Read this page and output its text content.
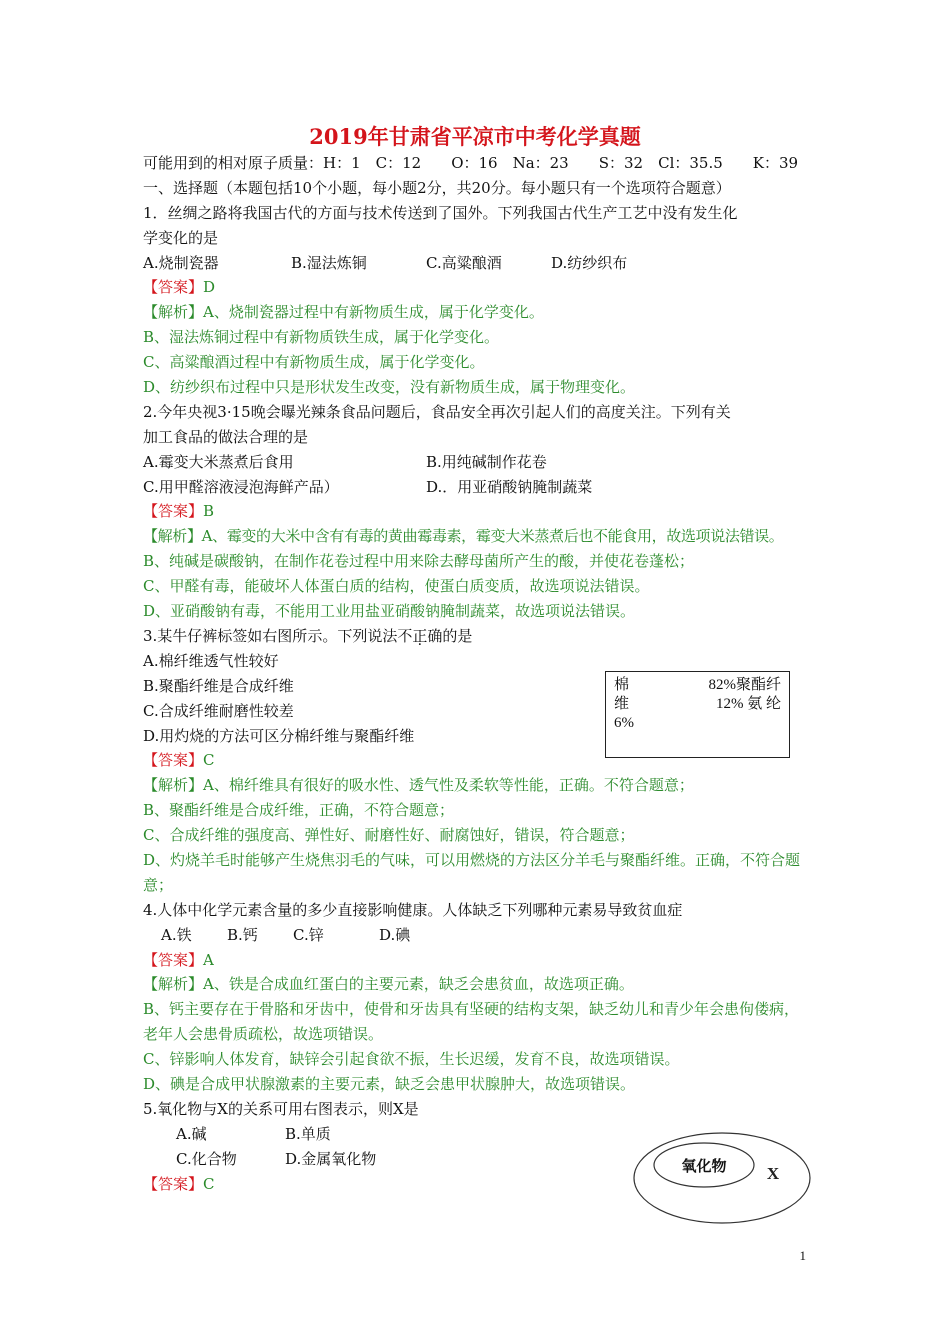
2019年甘肃省平凉市中考化学真题
可能用到的相对原子质量：H：1　C：12　　O：16　Na：23　　S：32　Cl：35.5　　K：39
一、选择题（本题包括10个小题，每小题2分，共20分。每小题只有一个选项符合题意）
1．丝绸之路将我国古代的方面与技术传送到了国外。下列我国古代生产工艺中没有发生化
学变化的是
A.烧制瓷器	B.湿法炼铜	C.高粱酿酒	D.纺纱织布
【答案】D
【解析】A、烧制瓷器过程中有新物质生成，属于化学变化。
B、湿法炼铜过程中有新物质铁生成，属于化学变化。
C、高粱酿酒过程中有新物质生成，属于化学变化。
D、纺纱织布过程中只是形状发生改变，没有新物质生成，属于物理变化。
2.今年央视3·15晚会曝光辣条食品问题后，食品安全再次引起人们的高度关注。下列有关
加工食品的做法合理的是
A.霉变大米蒸煮后食用	B.用纯碱制作花卷
C.用甲醛溶液浸泡海鲜产品）	D.．用亚硝酸钠腌制蔬菜
【答案】B
【解析】A、霉变的大米中含有有毒的黄曲霉毒素，霉变大米蒸煮后也不能食用，故选项说法错误。
B、纯碱是碳酸钠，在制作花卷过程中用来除去酵母菌所产生的酸，并使花卷蓬松；
C、甲醛有毒，能破坏人体蛋白质的结构，使蛋白质变质，故选项说法错误。
D、亚硝酸钠有毒，不能用工业用盐亚硝酸钠腌制蔬菜，故选项说法错误。
3.某牛仔裤标签如右图所示。下列说法不正确的是
A.棉纤维透气性较好
B.聚酯纤维是合成纤维
C.合成纤维耐磨性较差
D.用灼烧的方法可区分棉纤维与聚酯纤维
【答案】C
【解析】A、棉纤维具有很好的吸水性、透气性及柔软等性能，正确。不符合题意；
B、聚酯纤维是合成纤维，正确，不符合题意；
C、合成纤维的强度高、弹性好、耐磨性好、耐腐蚀好，错误，符合题意；
D、灼烧羊毛时能够产生烧焦羽毛的气味，可以用燃烧的方法区分羊毛与聚酯纤维。正确，不符合题意；
4.人体中化学元素含量的多少直接影响健康。人体缺乏下列哪种元素易导致贫血症
A.铁	B.钙	C.锌	D.碘
【答案】A
【解析】A、铁是合成血红蛋白的主要元素，缺乏会患贫血，故选项正确。
B、钙主要存在于骨胳和牙齿中，使骨和牙齿具有坚硬的结构支架，缺乏幼儿和青少年会患佝偻病，老年人会患骨质疏松，故选项错误。
C、锌影响人体发育，缺锌会引起食欲不振，生长迟缓，发育不良，故选项错误。
D、碘是合成甲状腺激素的主要元素，缺乏会患甲状腺肿大，故选项错误。
5.氧化物与X的关系可用右图表示，则X是
A.碱	B.单质
C.化合物	D.金属氧化物
【答案】C
棉	82%聚酯纤
维	12% 氨 纶
6%
氧化物 X
1
